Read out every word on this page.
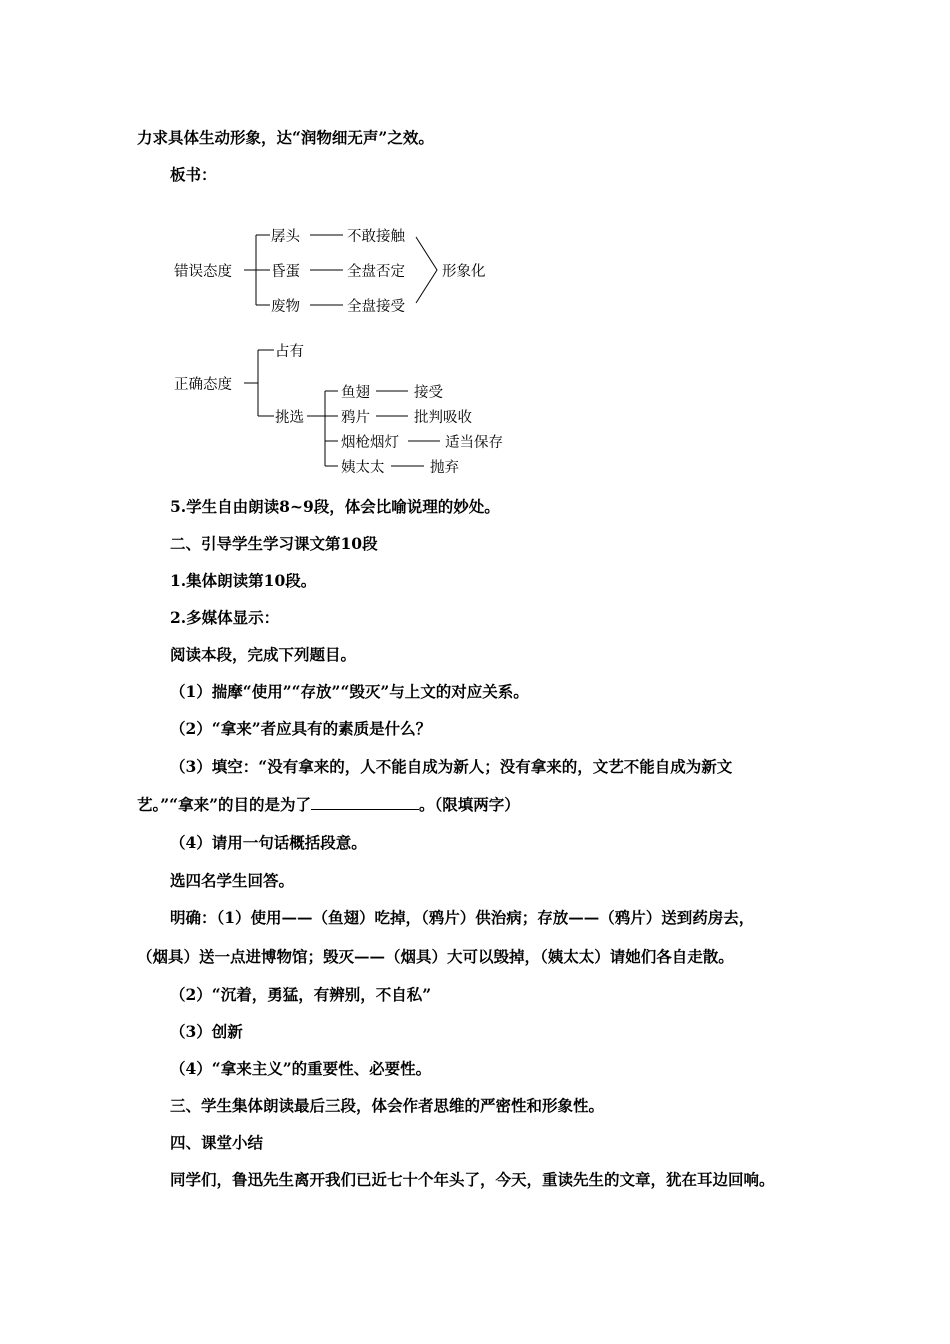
力求具体生动形象，达“润物细无声”之效。
板书：
错误态度
孱头
昏蛋
废物
不敢接触
全盘否定
全盘接受
形象化
正确态度
占有
挑选
鱼翅
鸦片
烟枪烟灯
姨太太
接受
批判吸收
适当保存
抛弃
5.学生自由朗读8~9段，体会比喻说理的妙处。
二、引导学生学习课文第10段
1.集体朗读第10段。
2.多媒体显示：
阅读本段，完成下列题目。
（1）揣摩“使用”“存放”“毁灭”与上文的对应关系。
（2）“拿来”者应具有的素质是什么？
（3）填空：“没有拿来的，人不能自成为新人；没有拿来的，文艺不能自成为新文
艺。”“拿来”的目的是为了	。（限填两字）
（4）请用一句话概括段意。
选四名学生回答。
明确：（1）使用——（鱼翅）吃掉，（鸦片）供治病；存放——（鸦片）送到药房去，
（烟具）送一点进博物馆；毁灭——（烟具）大可以毁掉，（姨太太）请她们各自走散。
（2）“沉着，勇猛，有辨别，不自私”
（3）创新
（4）“拿来主义”的重要性、必要性。
三、学生集体朗读最后三段，体会作者思维的严密性和形象性。
四、课堂小结
同学们，鲁迅先生离开我们已近七十个年头了，今天，重读先生的文章，犹在耳边回响。
